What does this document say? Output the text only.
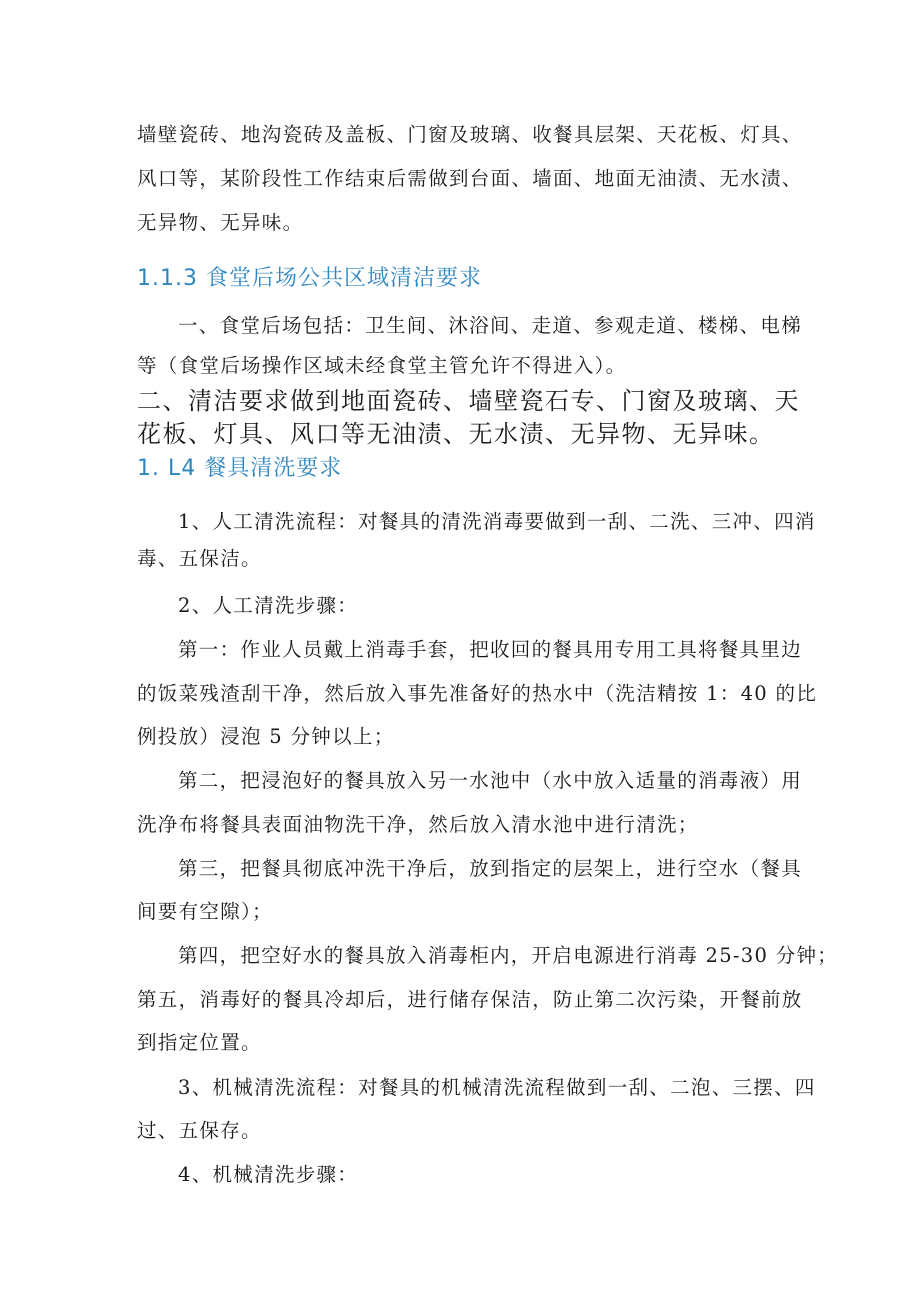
墙壁瓷砖、地沟瓷砖及盖板、门窗及玻璃、收餐具层架、天花板、灯具、
风口等，某阶段性工作结束后需做到台面、墙面、地面无油渍、无水渍、
无异物、无异味。
1.1.3 食堂后场公共区域清洁要求
一、食堂后场包括：卫生间、沐浴间、走道、参观走道、楼梯、电梯
等（食堂后场操作区域未经食堂主管允许不得进入）。
二、清洁要求做到地面瓷砖、墙壁瓷石专、门窗及玻璃、天
花板、灯具、风口等无油渍、无水渍、无异物、无异味。
1. L4 餐具清洗要求
1、人工清洗流程：对餐具的清洗消毒要做到一刮、二洗、三冲、四消
毒、五保洁。
2、人工清洗步骤：
第一：作业人员戴上消毒手套，把收回的餐具用专用工具将餐具里边
的饭菜残渣刮干净，然后放入事先准备好的热水中（洗洁精按 1：40 的比
例投放）浸泡 5 分钟以上；
第二，把浸泡好的餐具放入另一水池中（水中放入适量的消毒液）用
洗净布将餐具表面油物洗干净，然后放入清水池中进行清洗；
第三，把餐具彻底冲洗干净后，放到指定的层架上，进行空水（餐具
间要有空隙）；
第四，把空好水的餐具放入消毒柜内，开启电源进行消毒 25-30 分钟；
第五，消毒好的餐具冷却后，进行储存保洁，防止第二次污染，开餐前放
到指定位置。
3、机械清洗流程：对餐具的机械清洗流程做到一刮、二泡、三摆、四
过、五保存。
4、机械清洗步骤：
